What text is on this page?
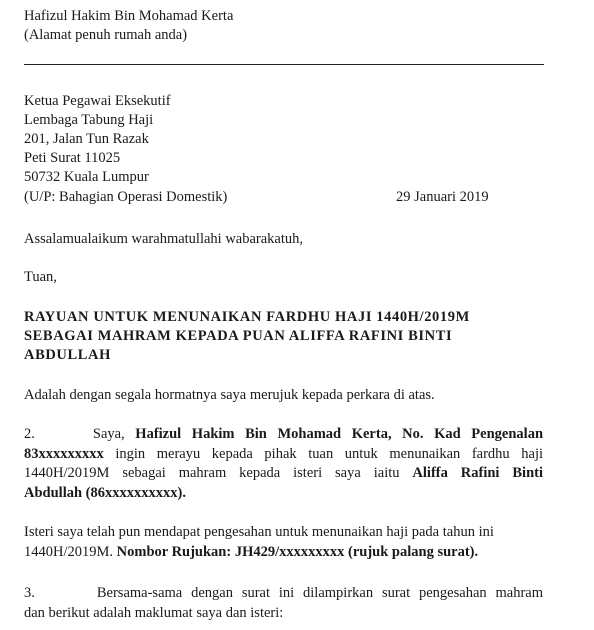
Hafizul Hakim Bin Mohamad Kerta
(Alamat penuh rumah anda)
Ketua Pegawai Eksekutif
Lembaga Tabung Haji
201, Jalan Tun Razak
Peti Surat 11025
50732 Kuala Lumpur
(U/P: Bahagian Operasi Domestik)	29 Januari 2019
Assalamualaikum warahmatullahi wabarakatuh,
Tuan,
RAYUAN UNTUK MENUNAIKAN FARDHU HAJI 1440H/2019M
SEBAGAI MAHRAM KEPADA PUAN ALIFFA RAFINI BINTI
ABDULLAH
Adalah dengan segala hormatnya saya merujuk kepada perkara di atas.
2.	Saya, Hafizul Hakim Bin Mohamad Kerta, No. Kad Pengenalan
83xxxxxxxxx ingin merayu kepada pihak tuan untuk menunaikan fardhu haji
1440H/2019M sebagai mahram kepada isteri saya iaitu Aliffa Rafini Binti
Abdullah (86xxxxxxxxxx).
Isteri saya telah pun mendapat pengesahan untuk menunaikan haji pada tahun ini
1440H/2019M. Nombor Rujukan: JH429/xxxxxxxxx (rujuk palang surat).
3.	Bersama-sama dengan surat ini dilampirkan surat pengesahan mahram
dan berikut adalah maklumat saya dan isteri:
